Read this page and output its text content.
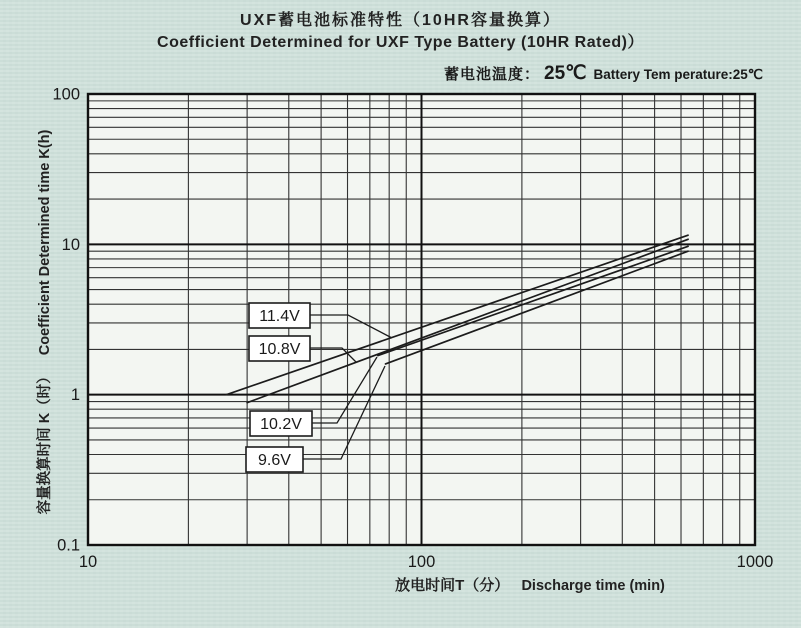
11.4V
10.8V
10.2V
9.6V
10	100	1000
100
10
1
0.1
UXF蓄电池标准特性（10HR容量换算）
Coefficient Determined for UXF Type Battery (10HR Rated)）
蓄电池温度： 25℃ Battery Tem perature:25℃
容量换算时间 K（时） Coefficient Determined time K(h)
放电时间T（分） Discharge time (min)
